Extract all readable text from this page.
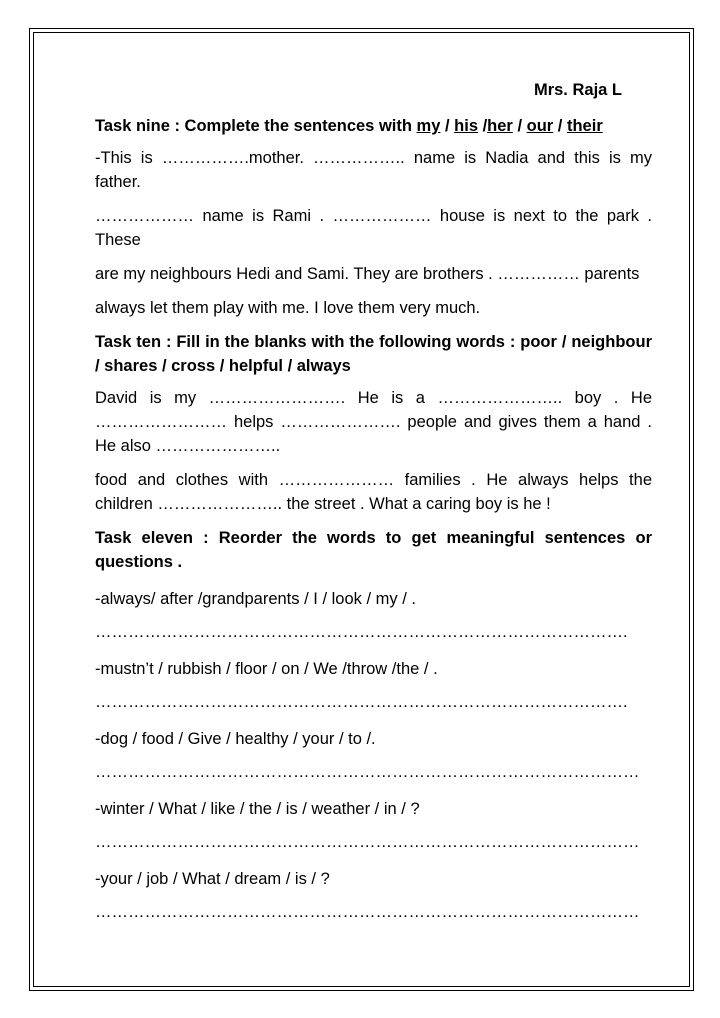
Mrs. Raja L

Task nine : Complete the sentences with my / his /her / our / their

-This is …………….mother. …………….. name is Nadia and this is my father.

……………… name is Rami . ……………… house is next to the park . These

are my neighbours Hedi and Sami. They are brothers . …………… parents

always let them play with me. I love them very much.

Task ten : Fill in the blanks with the following words : poor / neighbour / shares / cross / helpful / always

David is my ……………………. He is a ………………….. boy . He …………………… helps …………………. people and gives them a hand . He also …………………..

food and clothes with ………………… families . He always helps the children ………………….. the street . What a caring boy is he !

Task eleven : Reorder the words to get meaningful sentences or questions .

-always/ after /grandparents / I / look / my / .

…………………………………………………………………………………….

-mustn’t / rubbish / floor / on / We /throw /the / .

…………………………………………………………………………………….

-dog / food / Give / healthy / your / to /.

………………………………………………………………………………………

-winter / What / like / the / is / weather / in / ?

………………………………………………………………………………………

-your / job / What / dream / is / ?

………………………………………………………………………………………
